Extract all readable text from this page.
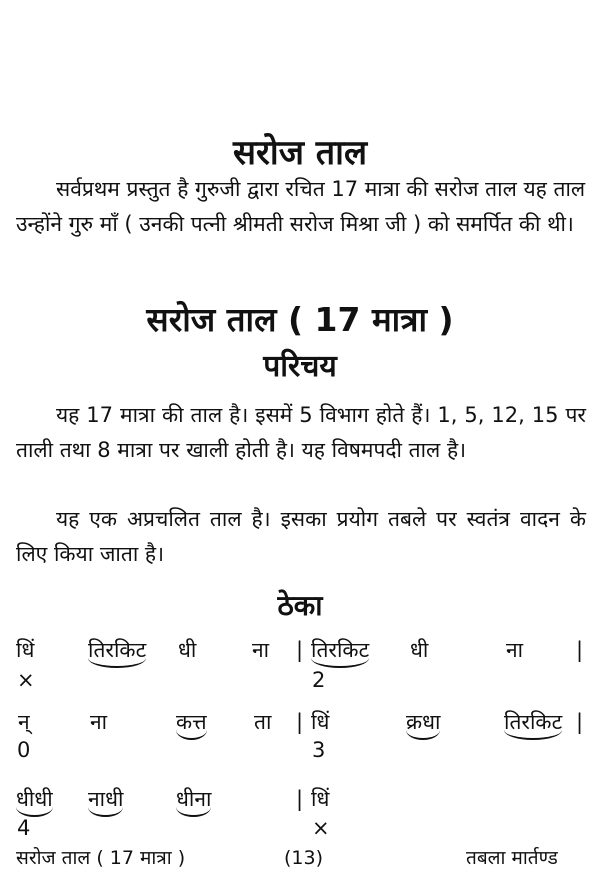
सरोज ताल
सर्वप्रथम प्रस्तुत है गुरुजी द्वारा रचित 17 मात्रा की सरोज ताल यह ताल उन्होंने गुरु माँ ( उनकी पत्नी श्रीमती सरोज मिश्रा जी ) को समर्पित की थी।
सरोज ताल ( 17 मात्रा )
परिचय
यह 17 मात्रा की ताल है। इसमें 5 विभाग होते हैं। 1, 5, 12, 15 पर ताली तथा 8 मात्रा पर खाली होती है। यह विषमपदी ताल है।
यह एक अप्रचलित ताल है। इसका प्रयोग तबले पर स्वतंत्र वादन के लिए किया जाता है।
ठेका
धिं	तिरकिट धी	ना | तिरकिट धी	ना	|
×	2
न्	ना	कत्त ता | धिं	क्रधा	तिरकिट |
0	3
धीधी नाधी	धीना	| धिं
4	×
सरोज ताल ( 17 मात्रा )	(13)	तबला मार्तण्ड
